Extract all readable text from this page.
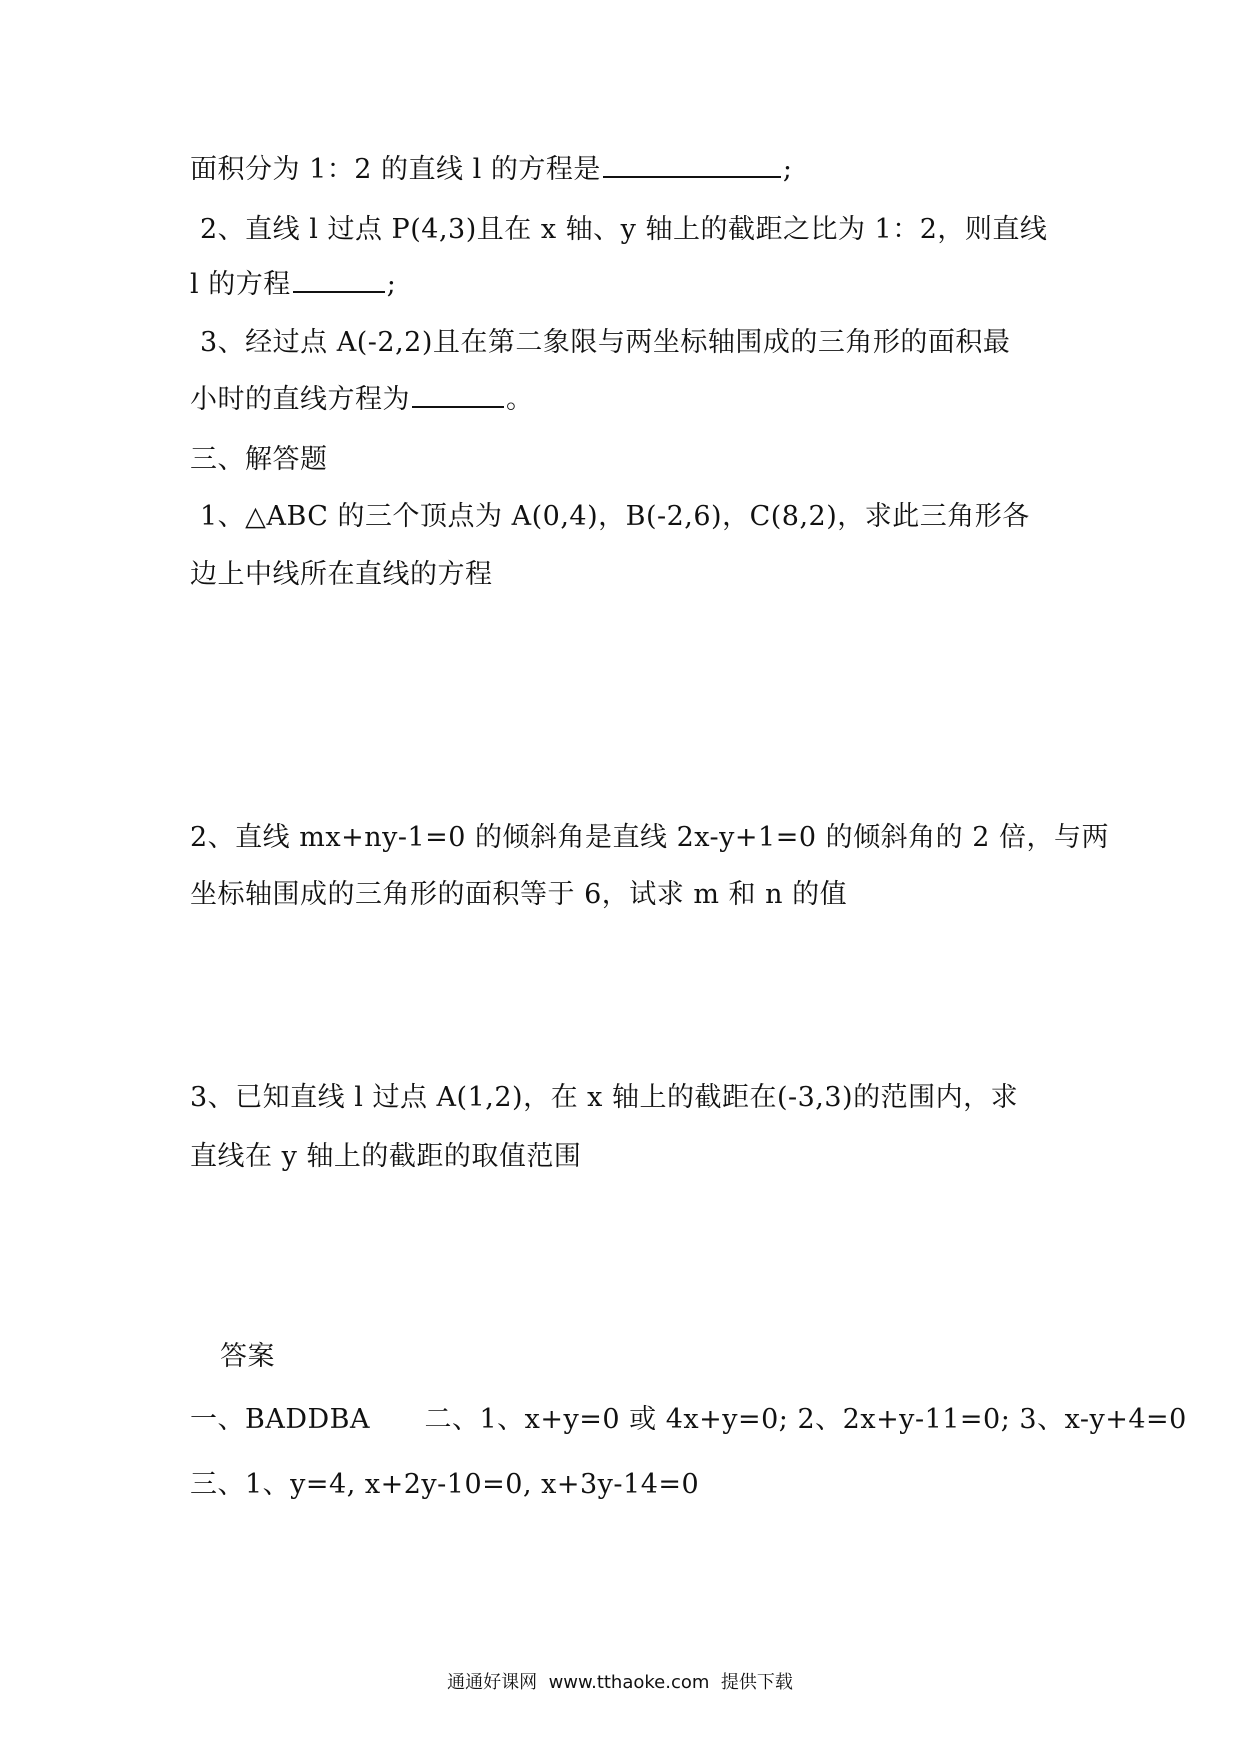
面积分为 1：2 的直线 l 的方程是	;
2、直线 l 过点 P(4,3)且在 x 轴、y 轴上的截距之比为 1：2，则直线
l 的方程	;
3、经过点 A(-2,2)且在第二象限与两坐标轴围成的三角形的面积最
小时的直线方程为	。
三、解答题
1、△ABC 的三个顶点为 A(0,4)，B(-2,6)，C(8,2)，求此三角形各
边上中线所在直线的方程
2、直线 mx+ny-1=0 的倾斜角是直线 2x-y+1=0 的倾斜角的 2 倍，与两
坐标轴围成的三角形的面积等于 6，试求 m 和 n 的值
3、已知直线 l 过点 A(1,2)，在 x 轴上的截距在(-3,3)的范围内，求
直线在 y 轴上的截距的取值范围
答案
一、BADDBA      二、1、x+y=0 或 4x+y=0; 2、2x+y-11=0; 3、x-y+4=0
三、1、y=4, x+2y-10=0, x+3y-14=0
通通好课网  www.tthaoke.com  提供下载
